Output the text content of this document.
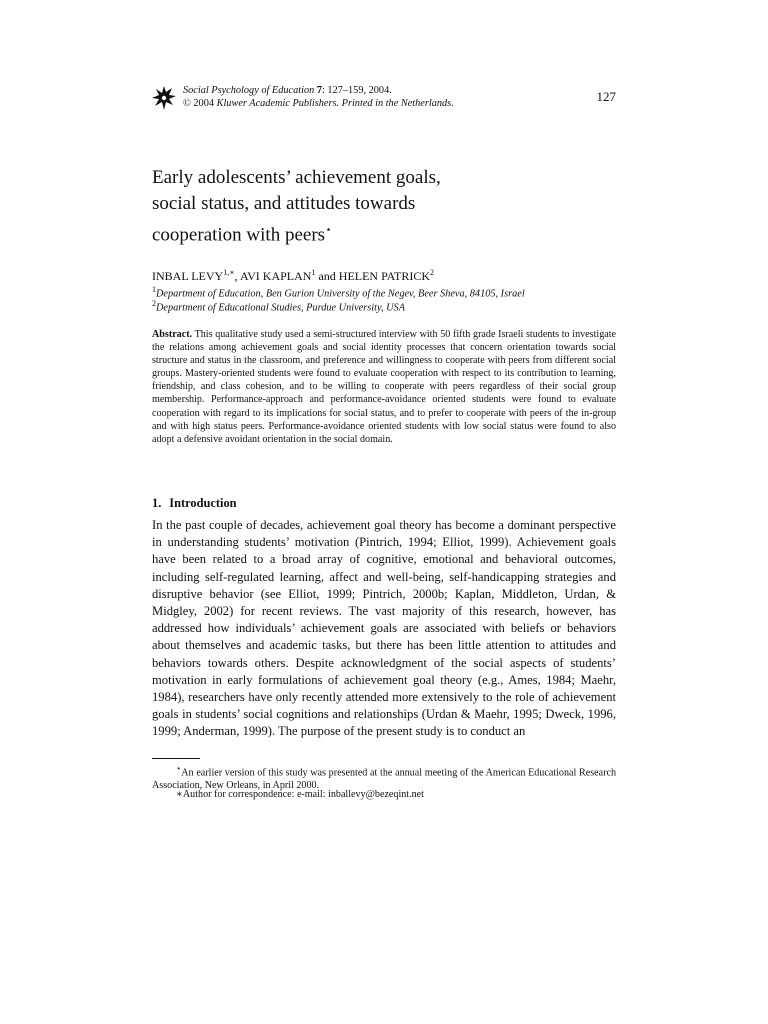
Social Psychology of Education 7: 127–159, 2004.
© 2004 Kluwer Academic Publishers. Printed in the Netherlands.	127
Early adolescents’ achievement goals,
social status, and attitudes towards
cooperation with peers⋆
INBAL $LEVY^{1,∗}$, AVI KAPLAN$^1$ and HELEN PATRICK$^2$
$^1$Department of Education, Ben Gurion University of the Negev, Beer Sheva, 84105, Israel
$^2$Department of Educational Studies, Purdue University, USA
Abstract. This qualitative study used a semi-structured interview with 50 fifth grade Israeli students to investigate the relations among achievement goals and social identity processes that concern orientation towards social structure and status in the classroom, and preference and willingness to cooperate with peers from different social groups. Mastery-oriented students were found to evaluate cooperation with respect to its contribution to learning, friendship, and class cohesion, and to be willing to cooperate with peers regardless of their social group membership. Performance-approach and performance-avoidance oriented students were found to evaluate cooperation with regard to its implications for social status, and to prefer to cooperate with peers of the in-group and with high status peers. Performance-avoidance oriented students with low social status were found to also adopt a defensive avoidant orientation in the social domain.
1. Introduction
In the past couple of decades, achievement goal theory has become a dominant perspective in understanding students’ motivation (Pintrich, 1994; Elliot, 1999). Achievement goals have been related to a broad array of cognitive, emotional and behavioral outcomes, including self-regulated learning, affect and well-being, self-handicapping strategies and disruptive behavior (see Elliot, 1999; Pintrich, 2000b; Kaplan, Middleton, Urdan, & Midgley, 2002) for recent reviews. The vast majority of this research, however, has addressed how individuals’ achievement goals are associated with beliefs or behaviors about themselves and academic tasks, but there has been little attention to attitudes and behaviors towards others. Despite acknowledgment of the social aspects of students’ motivation in early formulations of achievement goal theory (e.g., Ames, 1984; Maehr, 1984), researchers have only recently attended more extensively to the role of achievement goals in students’ social cognitions and relationships (Urdan & Maehr, 1995; Dweck, 1996, 1999; Anderman, 1999). The purpose of the present study is to conduct an
⋆An earlier version of this study was presented at the annual meeting of the American Educational Research Association, New Orleans, in April 2000.
∗Author for correspondence: e-mail: inballevy@bezeqint.net
